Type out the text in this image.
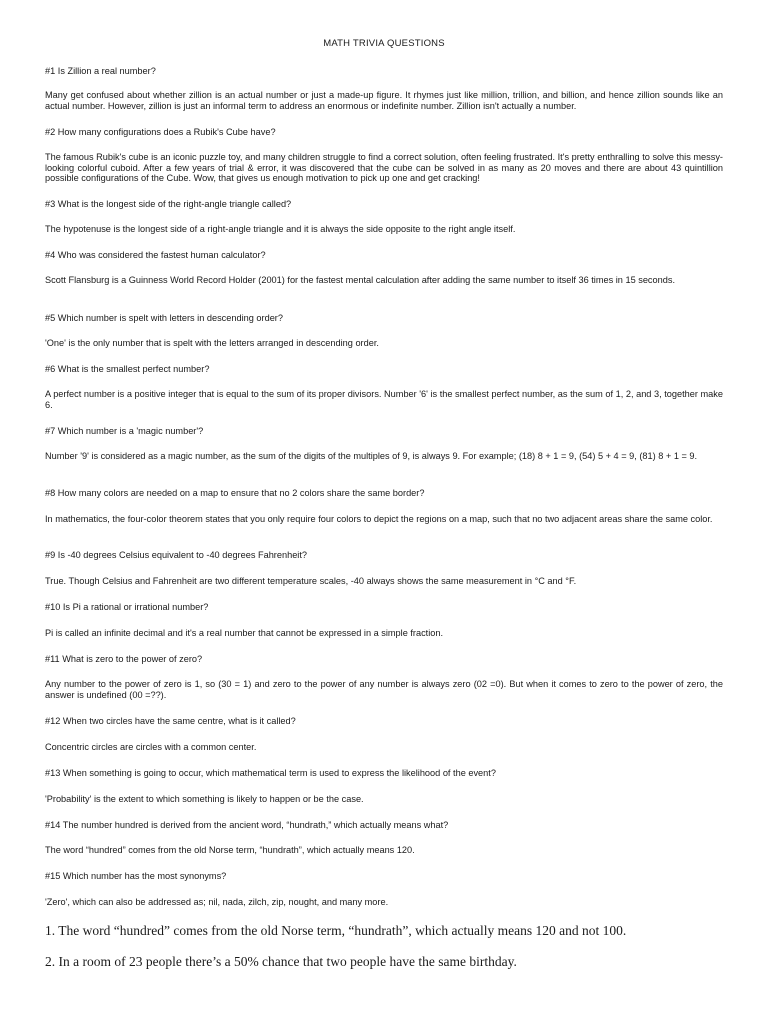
MATH TRIVIA QUESTIONS
#1 Is Zillion a real number?
Many get confused about whether zillion is an actual number or just a made-up figure. It rhymes just like million, trillion, and billion, and hence zillion sounds like an actual number. However, zillion is just an informal term to address an enormous or indefinite number. Zillion isn't actually a number.
#2 How many configurations does a Rubik's Cube have?
The famous Rubik's cube is an iconic puzzle toy, and many children struggle to find a correct solution, often feeling frustrated. It's pretty enthralling to solve this messy-looking colorful cuboid. After a few years of trial & error, it was discovered that the cube can be solved in as many as 20 moves and there are about 43 quintillion possible configurations of the Cube. Wow, that gives us enough motivation to pick up one and get cracking!
#3 What is the longest side of the right-angle triangle called?
The hypotenuse is the longest side of a right-angle triangle and it is always the side opposite to the right angle itself.
#4 Who was considered the fastest human calculator?
Scott Flansburg is a Guinness World Record Holder (2001) for the fastest mental calculation after adding the same number to itself 36 times in 15 seconds.
#5 Which number is spelt with letters in descending order?
'One' is the only number that is spelt with the letters arranged in descending order.
#6 What is the smallest perfect number?
A perfect number is a positive integer that is equal to the sum of its proper divisors. Number '6' is the smallest perfect number, as the sum of 1, 2, and 3, together make 6.
#7 Which number is a 'magic number'?
Number '9' is considered as a magic number, as the sum of the digits of the multiples of 9, is always 9. For example; (18) 8 + 1 = 9, (54) 5 + 4 = 9, (81) 8 + 1 = 9.
#8 How many colors are needed on a map to ensure that no 2 colors share the same border?
In mathematics, the four-color theorem states that you only require four colors to depict the regions on a map, such that no two adjacent areas share the same color.
#9 Is -40 degrees Celsius equivalent to -40 degrees Fahrenheit?
True. Though Celsius and Fahrenheit are two different temperature scales, -40 always shows the same measurement in °C and °F.
#10 Is Pi a rational or irrational number?
Pi is called an infinite decimal and it's a real number that cannot be expressed in a simple fraction.
#11 What is zero to the power of zero?
Any number to the power of zero is 1, so (30 = 1) and zero to the power of any number is always zero (02 =0). But when it comes to zero to the power of zero, the answer is undefined (00 =??).
#12 When two circles have the same centre, what is it called?
Concentric circles are circles with a common center.
#13 When something is going to occur, which mathematical term is used to express the likelihood of the event?
'Probability' is the extent to which something is likely to happen or be the case.
#14 The number hundred is derived from the ancient word, “hundrath,” which actually means what?
The word “hundred” comes from the old Norse term, “hundrath”, which actually means 120.
#15 Which number has the most synonyms?
'Zero', which can also be addressed as; nil, nada, zilch, zip, nought, and many more.
1. The word “hundred” comes from the old Norse term, “hundrath”, which actually means 120 and not 100.
2. In a room of 23 people there’s a 50% chance that two people have the same birthday.
